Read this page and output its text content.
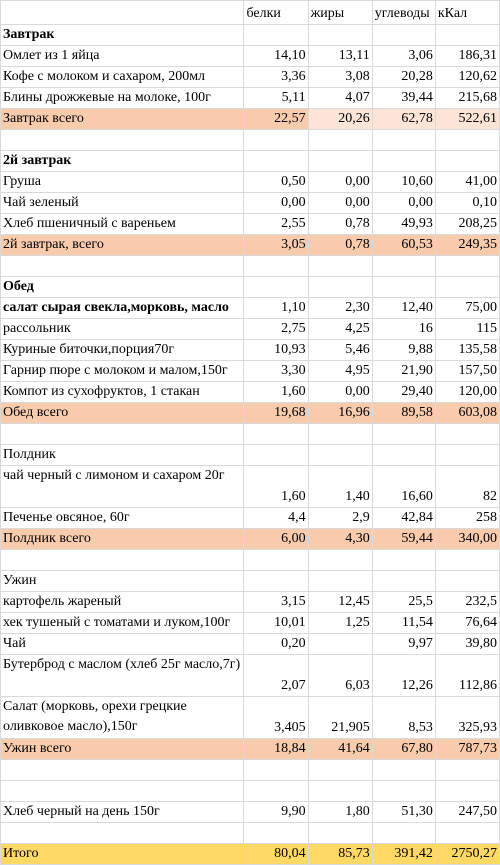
	белки	жиры	углеводы	кКал
Завтрак				
Омлет из 1 яйца	14,10	13,11	3,06	186,31
Кофе с молоком и сахаром, 200мл	3,36	3,08	20,28	120,62
Блины дрожжевые на молоке, 100г	5,11	4,07	39,44	215,68
Завтрак всего	22,57	20,26	62,78	522,61

2й завтрак				
Груша	0,50	0,00	10,60	41,00
Чай зеленый	0,00	0,00	0,00	0,10
Хлеб пшеничный с вареньем	2,55	0,78	49,93	208,25
2й завтрак, всего	3,05	0,78	60,53	249,35

Обед				
салат сырая свекла,морковь, масло	1,10	2,30	12,40	75,00
рассольник	2,75	4,25	16	115
Куриные биточки,порция70г	10,93	5,46	9,88	135,58
Гарнир пюре с молоком и малом,150г	3,30	4,95	21,90	157,50
Компот из сухофруктов, 1 стакан	1,60	0,00	29,40	120,00
Обед всего	19,68	16,96	89,58	603,08

Полдник				
чай черный с лимоном и сахаром 20г	1,60	1,40	16,60	82
Печенье овсяное, 60г	4,4	2,9	42,84	258
Полдник всего	6,00	4,30	59,44	340,00

Ужин				
картофель жареный	3,15	12,45	25,5	232,5
хек тушеный с томатами и луком,100г	10,01	1,25	11,54	76,64
Чай	0,20		9,97	39,80
Бутерброд с маслом (хлеб 25г масло,7г)	2,07	6,03	12,26	112,86
Салат (морковь, орехи грецкие оливковое масло),150г	3,405	21,905	8,53	325,93
Ужин всего	18,84	41,64	67,80	787,73

Хлеб черный на день 150г	9,90	1,80	51,30	247,50

Итого	80,04	85,73	391,42	2750,27
